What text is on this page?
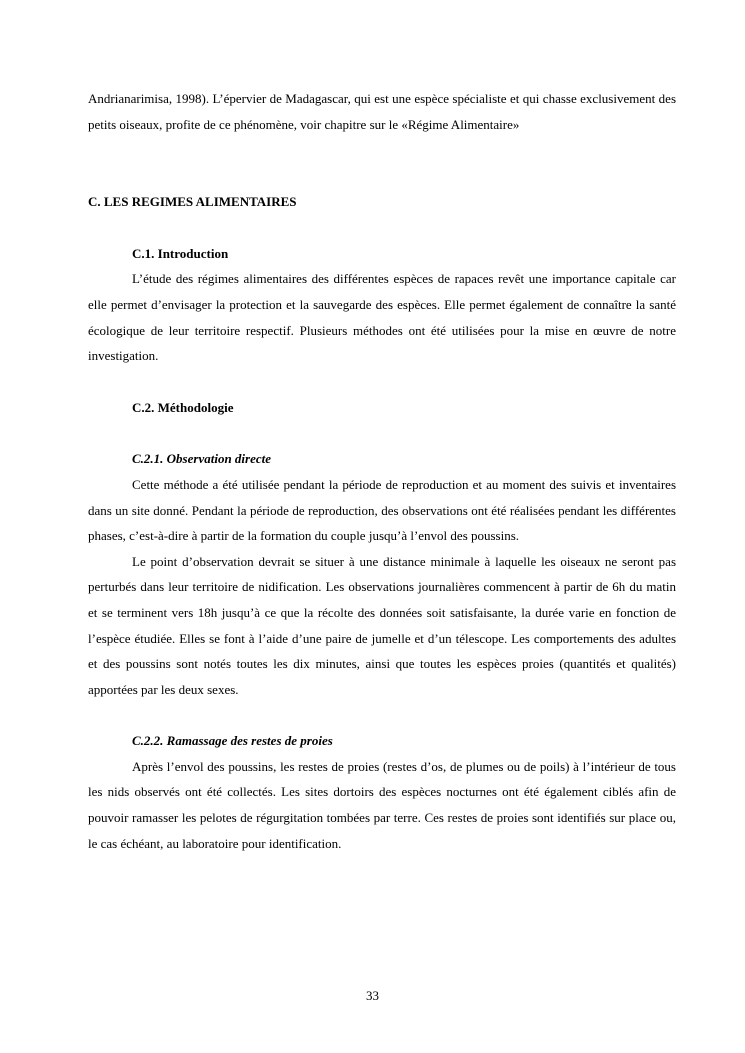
Andrianarimisa, 1998). L’épervier de Madagascar, qui est une espèce spécialiste et qui chasse exclusivement des petits oiseaux, profite de ce phénomène, voir chapitre sur le «Régime Alimentaire»

C. LES REGIMES ALIMENTAIRES
C.1. Introduction

L’étude des régimes alimentaires des différentes espèces de rapaces revêt une importance capitale car elle permet d’envisager la protection et la sauvegarde des espèces. Elle permet également de connaître la santé écologique de leur territoire respectif. Plusieurs méthodes ont été utilisées pour la mise en œuvre de notre investigation.

C.2. Méthodologie
C.2.1. Observation directe

Cette méthode a été utilisée pendant la période de reproduction et au moment des suivis et inventaires dans un site donné. Pendant la période de reproduction, des observations ont été réalisées pendant les différentes phases, c’est-à-dire à partir de la formation du couple jusqu’à l’envol des poussins.

Le point d’observation devrait se situer à une distance minimale à laquelle les oiseaux ne seront pas perturbés dans leur territoire de nidification. Les observations journalières commencent à partir de 6h du matin et se terminent vers 18h jusqu’à ce que la récolte des données soit satisfaisante, la durée varie en fonction de l’espèce étudiée. Elles se font à l’aide d’une paire de jumelle et d’un télescope. Les comportements des adultes et des poussins sont notés toutes les dix minutes, ainsi que toutes les espèces proies (quantités et qualités) apportées par les deux sexes.

C.2.2. Ramassage des restes de proies

Après l’envol des poussins, les restes de proies (restes d’os, de plumes ou de poils) à l’intérieur de tous les nids observés ont été collectés. Les sites dortoirs des espèces nocturnes ont été également ciblés afin de pouvoir ramasser les pelotes de régurgitation tombées par terre. Ces restes de proies sont identifiés sur place ou, le cas échéant, au laboratoire pour identification.

33
